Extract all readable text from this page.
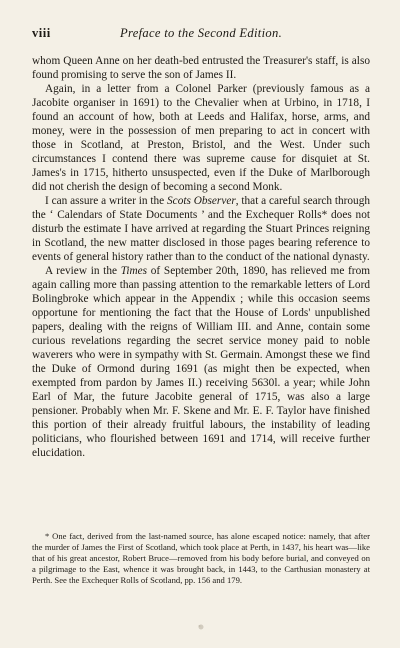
viii	Preface to the Second Edition.

whom Queen Anne on her death-bed entrusted the Treasurer's staff, is also found promising to serve the son of James II.

Again, in a letter from a Colonel Parker (previously famous as a Jacobite organiser in 1691) to the Chevalier when at Urbino, in 1718, I found an account of how, both at Leeds and Halifax, horse, arms, and money, were in the possession of men preparing to act in concert with those in Scotland, at Preston, Bristol, and the West. Under such circumstances I contend there was supreme cause for disquiet at St. James's in 1715, hitherto unsuspected, even if the Duke of Marlborough did not cherish the design of becoming a second Monk.

I can assure a writer in the Scots Observer, that a careful search through the ‘ Calendars of State Documents ’ and the Exchequer Rolls* does not disturb the estimate I have arrived at regarding the Stuart Princes reigning in Scotland, the new matter disclosed in those pages bearing reference to events of general history rather than to the conduct of the national dynasty.

A review in the Times of September 20th, 1890, has relieved me from again calling more than passing attention to the remarkable letters of Lord Bolingbroke which appear in the Appendix ; while this occasion seems opportune for mentioning the fact that the House of Lords' unpublished papers, dealing with the reigns of William III. and Anne, contain some curious revelations regarding the secret service money paid to noble waverers who were in sympathy with St. Germain. Amongst these we find the Duke of Ormond during 1691 (as might then be expected, when exempted from pardon by James II.) receiving 5630l. a year; while John Earl of Mar, the future Jacobite general of 1715, was also a large pensioner. Probably when Mr. F. Skene and Mr. E. F. Taylor have finished this portion of their already fruitful labours, the instability of leading politicians, who flourished between 1691 and 1714, will receive further elucidation.

* One fact, derived from the last-named source, has alone escaped notice: namely, that after the murder of James the First of Scotland, which took place at Perth, in 1437, his heart was—like that of his great ancestor, Robert Bruce—removed from his body before burial, and conveyed on a pilgrimage to the East, whence it was brought back, in 1443, to the Carthusian monastery at Perth. See the Exchequer Rolls of Scotland, pp. 156 and 179.
